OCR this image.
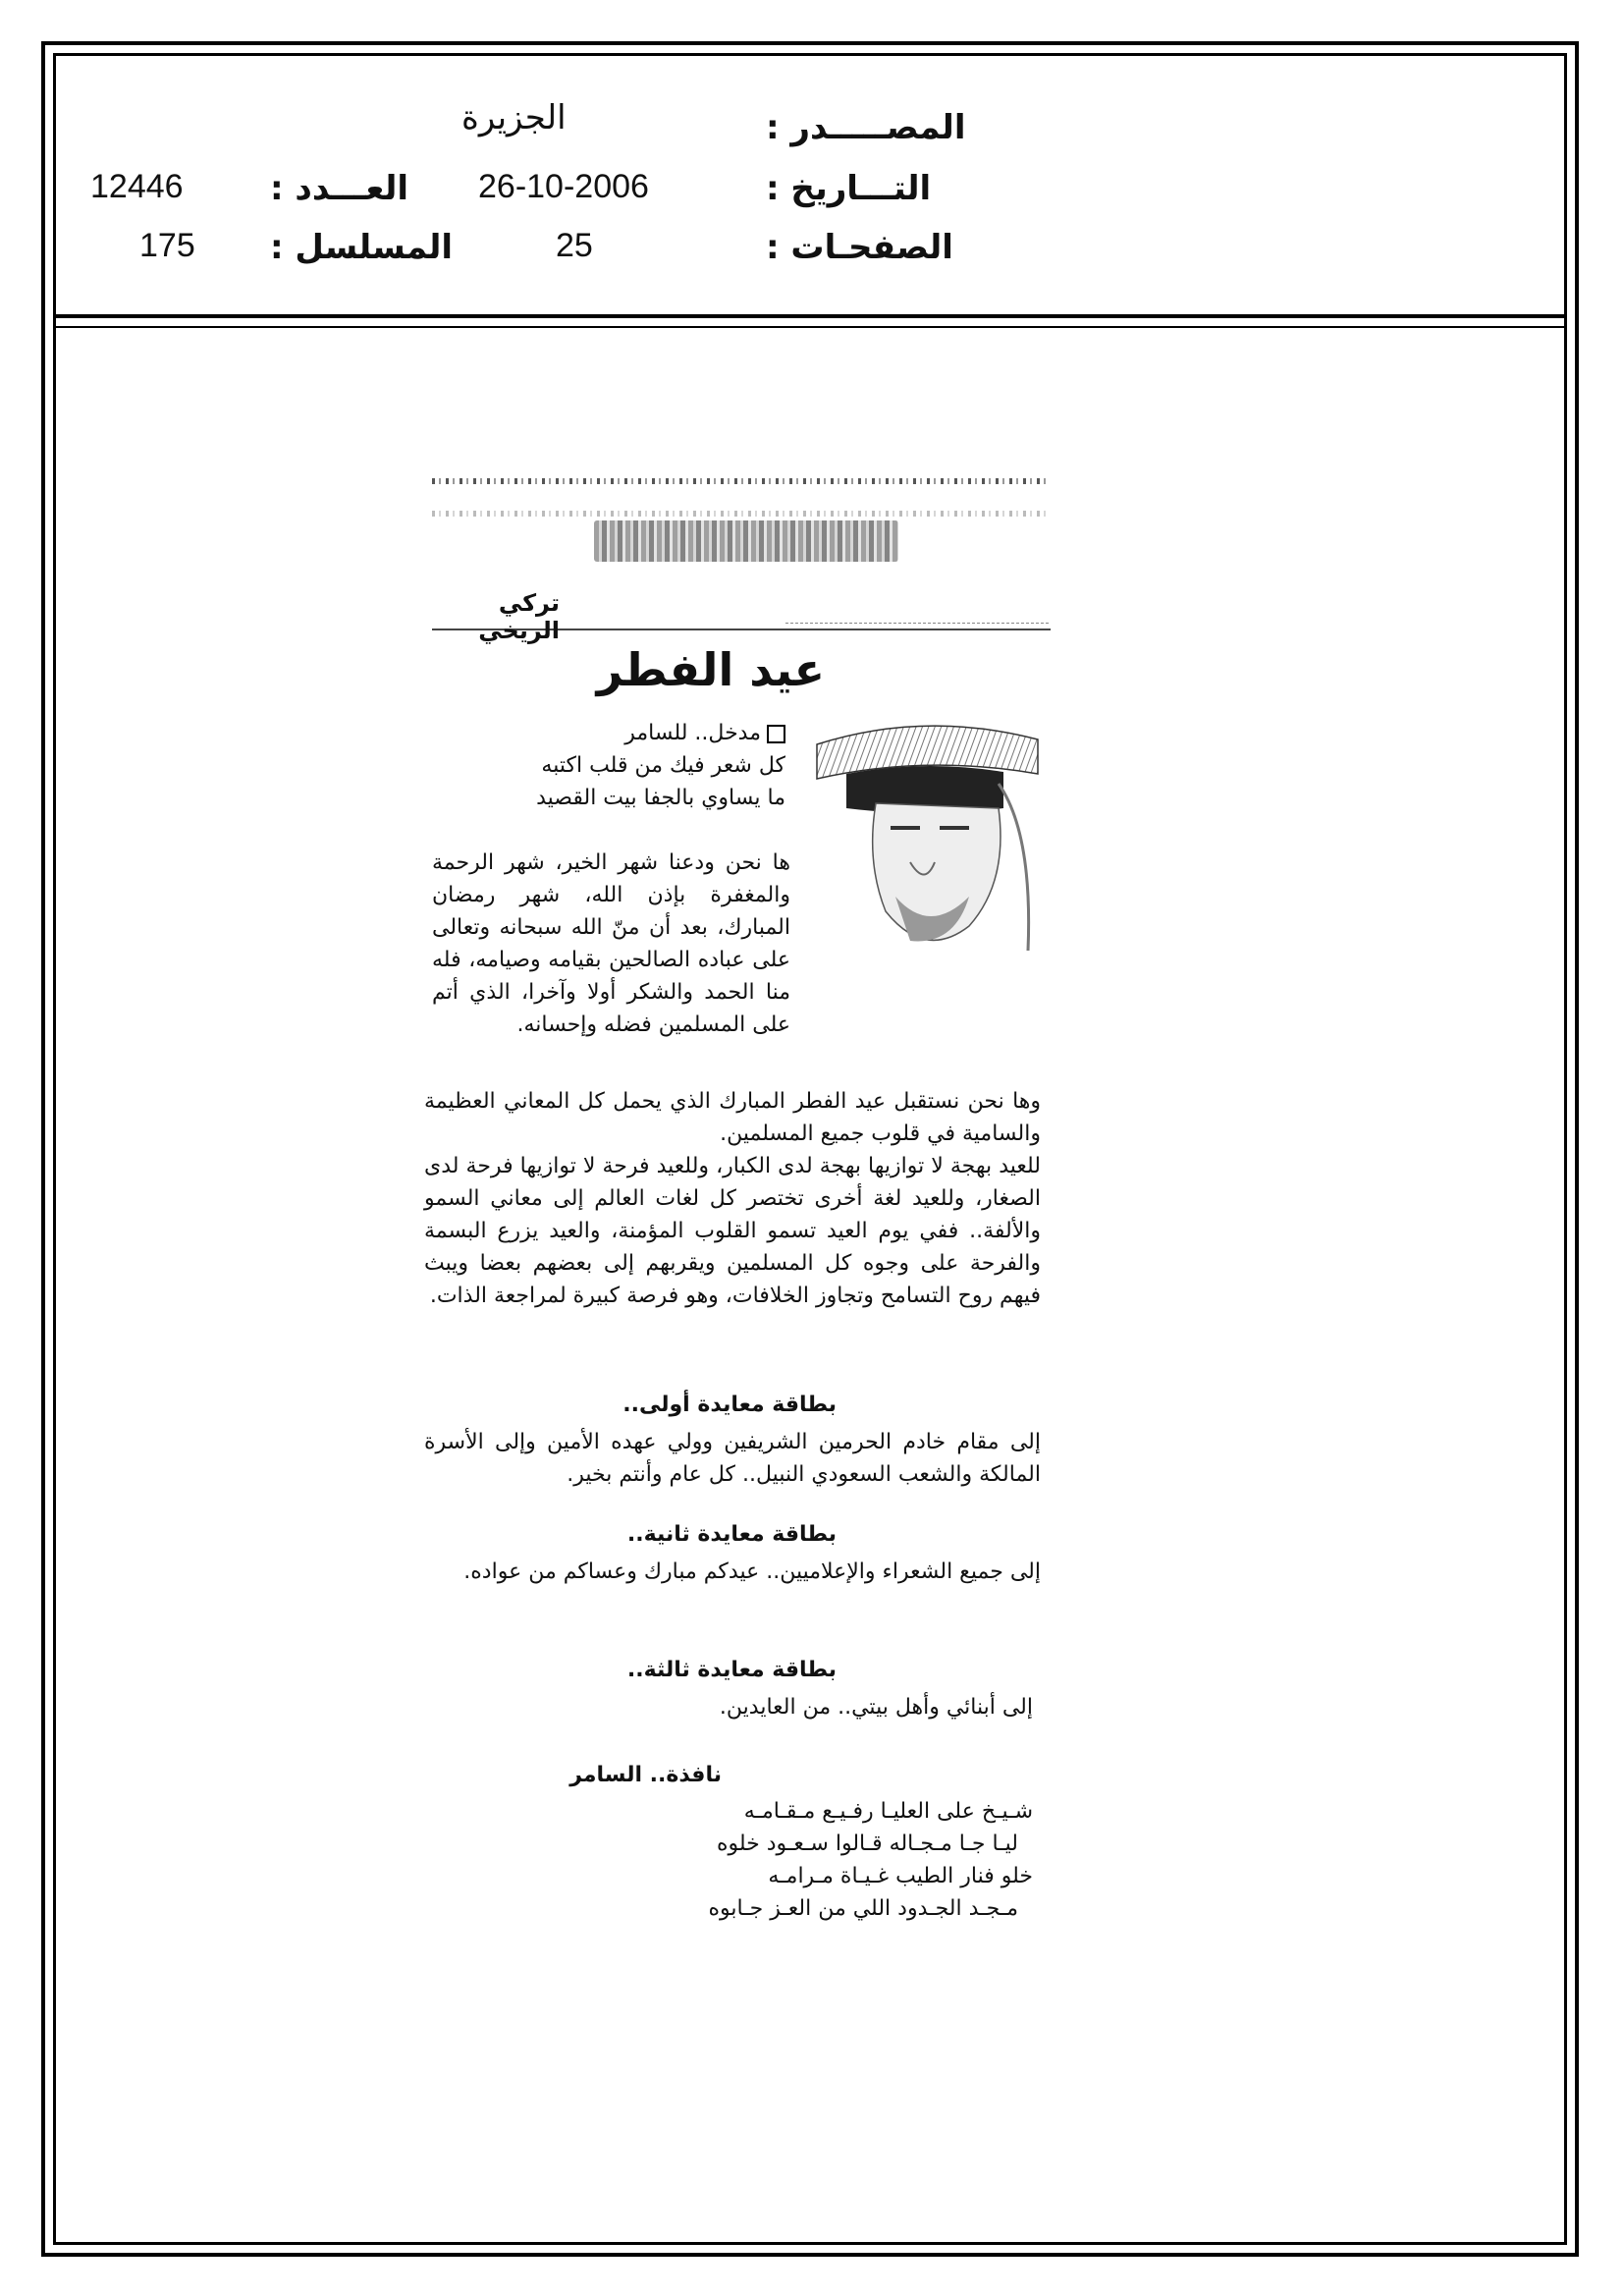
المصـــــدر :
الجزيرة
التـــاريخ :
26-10-2006
العـــدد :
12446
الصفحـات :
25
المسلسل :
175
تركي الريخي
عيد الفطر
مدخل.. للسامر
كل شعر فيك من قلب اكتبه
ما يساوي بالجفا بيت القصيد
ها نحن ودعنا شهر الخير، شهر الرحمة والمغفرة بإذن الله، شهر رمضان المبارك، بعد أن منّ الله سبحانه وتعالى على عباده الصالحين بقيامه وصيامه، فله منا الحمد والشكر أولا وآخرا، الذي أتم على المسلمين فضله وإحسانه.
وها نحن نستقبل عيد الفطر المبارك الذي يحمل كل المعاني العظيمة والسامية في قلوب جميع المسلمين.
للعيد بهجة لا توازيها بهجة لدى الكبار، وللعيد فرحة لا توازيها فرحة لدى الصغار، وللعيد لغة أخرى تختصر كل لغات العالم إلى معاني السمو والألفة.. ففي يوم العيد تسمو القلوب المؤمنة، والعيد يزرع البسمة والفرحة على وجوه كل المسلمين ويقربهم إلى بعضهم بعضا ويبث فيهم روح التسامح وتجاوز الخلافات، وهو فرصة كبيرة لمراجعة الذات.
بطاقة معايدة أولى..
إلى مقام خادم الحرمين الشريفين وولي عهده الأمين وإلى الأسرة المالكة والشعب السعودي النبيل.. كل عام وأنتم بخير.
بطاقة معايدة ثانية..
إلى جميع الشعراء والإعلاميين.. عيدكم مبارك وعساكم من عواده.
بطاقة معايدة ثالثة..
إلى أبنائي وأهل بيتي.. من العايدين.
نافذة.. السامر
شـيـخ على العليـا رفـيـع مـقـامـه
ليـا جـا مـجـاله قـالوا سـعـود خلوه
خلو فنار الطيب غـيـاة مـرامـه
مـجـد الجـدود اللي من العـز جـابوه
